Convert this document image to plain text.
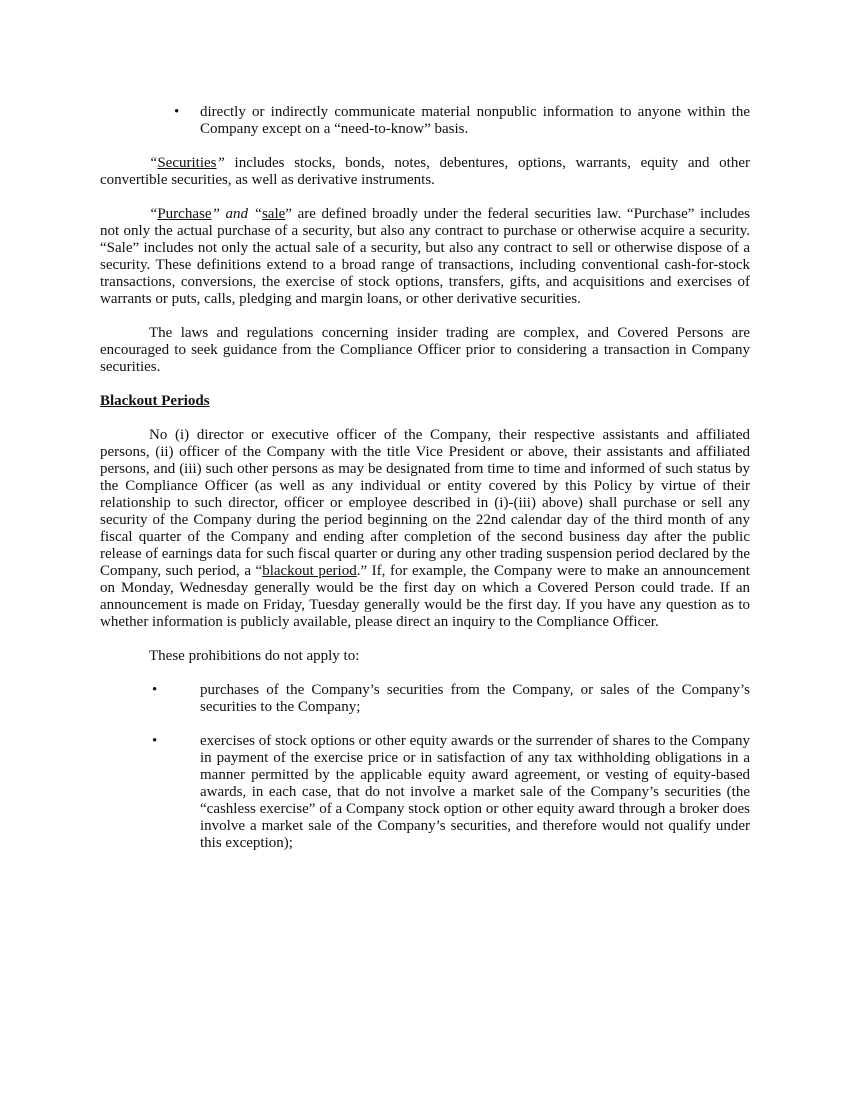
• directly or indirectly communicate material nonpublic information to anyone within the Company except on a “need-to-know” basis.

“Securities” includes stocks, bonds, notes, debentures, options, warrants, equity and other convertible securities, as well as derivative instruments.

“Purchase” and “sale” are defined broadly under the federal securities law. “Purchase” includes not only the actual purchase of a security, but also any contract to purchase or otherwise acquire a security. “Sale” includes not only the actual sale of a security, but also any contract to sell or otherwise dispose of a security. These definitions extend to a broad range of transactions, including conventional cash-for-stock transactions, conversions, the exercise of stock options, transfers, gifts, and acquisitions and exercises of warrants or puts, calls, pledging and margin loans, or other derivative securities.

The laws and regulations concerning insider trading are complex, and Covered Persons are encouraged to seek guidance from the Compliance Officer prior to considering a transaction in Company securities.

Blackout Periods

No (i) director or executive officer of the Company, their respective assistants and affiliated persons, (ii) officer of the Company with the title Vice President or above, their assistants and affiliated persons, and (iii) such other persons as may be designated from time to time and informed of such status by the Compliance Officer (as well as any individual or entity covered by this Policy by virtue of their relationship to such director, officer or employee described in (i)-(iii) above) shall purchase or sell any security of the Company during the period beginning on the 22nd calendar day of the third month of any fiscal quarter of the Company and ending after completion of the second business day after the public release of earnings data for such fiscal quarter or during any other trading suspension period declared by the Company, such period, a “blackout period.” If, for example, the Company were to make an announcement on Monday, Wednesday generally would be the first day on which a Covered Person could trade. If an announcement is made on Friday, Tuesday generally would be the first day. If you have any question as to whether information is publicly available, please direct an inquiry to the Compliance Officer.

These prohibitions do not apply to:

•	purchases of the Company’s securities from the Company, or sales of the Company’s securities to the Company;
•	exercises of stock options or other equity awards or the surrender of shares to the Company in payment of the exercise price or in satisfaction of any tax withholding obligations in a manner permitted by the applicable equity award agreement, or vesting of equity-based awards, in each case, that do not involve a market sale of the Company’s securities (the “cashless exercise” of a Company stock option or other equity award through a broker does involve a market sale of the Company’s securities, and therefore would not qualify under this exception);
